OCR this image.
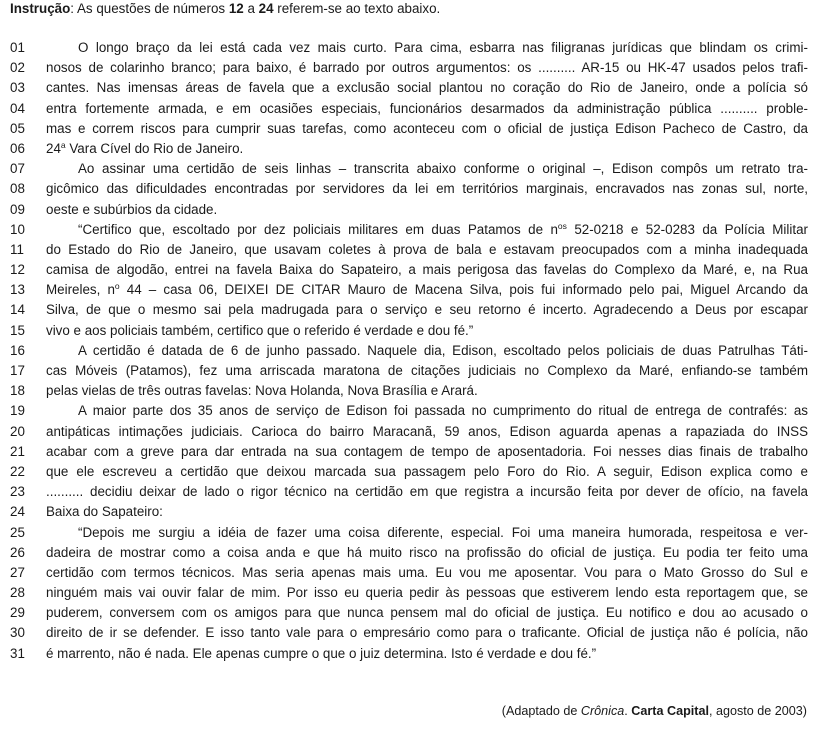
Instrução: As questões de números 12 a 24 referem-se ao texto abaixo.
01	O longo braço da lei está cada vez mais curto. Para cima, esbarra nas filigranas jurídicas que blindam os crimi-
02	nosos de colarinho branco; para baixo, é barrado por outros argumentos: os .......... AR-15 ou HK-47 usados pelos trafi-
03	cantes. Nas imensas áreas de favela que a exclusão social plantou no coração do Rio de Janeiro, onde a polícia só
04	entra fortemente armada, e em ocasiões especiais, funcionários desarmados da administração pública .......... proble-
05	mas e correm riscos para cumprir suas tarefas, como aconteceu com o oficial de justiça Edison Pacheco de Castro, da
06	24$^a$ Vara Cível do Rio de Janeiro.
07	Ao assinar uma certidão de seis linhas – transcrita abaixo conforme o original –, Edison compôs um retrato tra-
08	gicômico das dificuldades encontradas por servidores da lei em territórios marginais, encravados nas zonas sul, norte,
09	oeste e subúrbios da cidade.
10	“Certifico que, escoltado por dez policiais militares em duas Patamos de $n^{os}$ 52-0218 e 52-0283 da Polícia Militar
11	do Estado do Rio de Janeiro, que usavam coletes à prova de bala e estavam preocupados com a minha inadequada
12	camisa de algodão, entrei na favela Baixa do Sapateiro, a mais perigosa das favelas do Complexo da Maré, e, na Rua
13	Meireles, $n^o$ 44 – casa 06, DEIXEI DE CITAR Mauro de Macena Silva, pois fui informado pelo pai, Miguel Arcando da
14	Silva, de que o mesmo sai pela madrugada para o serviço e seu retorno é incerto. Agradecendo a Deus por escapar
15	vivo e aos policiais também, certifico que o referido é verdade e dou fé.”
16	A certidão é datada de 6 de junho passado. Naquele dia, Edison, escoltado pelos policiais de duas Patrulhas Táti-
17	cas Móveis (Patamos), fez uma arriscada maratona de citações judiciais no Complexo da Maré, enfiando-se também
18	pelas vielas de três outras favelas: Nova Holanda, Nova Brasília e Arará.
19	A maior parte dos 35 anos de serviço de Edison foi passada no cumprimento do ritual de entrega de contrafés: as
20	antipáticas intimações judiciais. Carioca do bairro Maracanã, 59 anos, Edison aguarda apenas a rapaziada do INSS
21	acabar com a greve para dar entrada na sua contagem de tempo de aposentadoria. Foi nesses dias finais de trabalho
22	que ele escreveu a certidão que deixou marcada sua passagem pelo Foro do Rio. A seguir, Edison explica como e
23	.......... decidiu deixar de lado o rigor técnico na certidão em que registra a incursão feita por dever de ofício, na favela
24	Baixa do Sapateiro:
25	“Depois me surgiu a idéia de fazer uma coisa diferente, especial. Foi uma maneira humorada, respeitosa e ver-
26	dadeira de mostrar como a coisa anda e que há muito risco na profissão do oficial de justiça. Eu podia ter feito uma
27	certidão com termos técnicos. Mas seria apenas mais uma. Eu vou me aposentar. Vou para o Mato Grosso do Sul e
28	ninguém mais vai ouvir falar de mim. Por isso eu queria pedir às pessoas que estiverem lendo esta reportagem que, se
29	puderem, conversem com os amigos para que nunca pensem mal do oficial de justiça. Eu notifico e dou ao acusado o
30	direito de ir se defender. E isso tanto vale para o empresário como para o traficante. Oficial de justiça não é polícia, não
31	é marrento, não é nada. Ele apenas cumpre o que o juiz determina. Isto é verdade e dou fé.”
(Adaptado de Crônica. Carta Capital, agosto de 2003)
